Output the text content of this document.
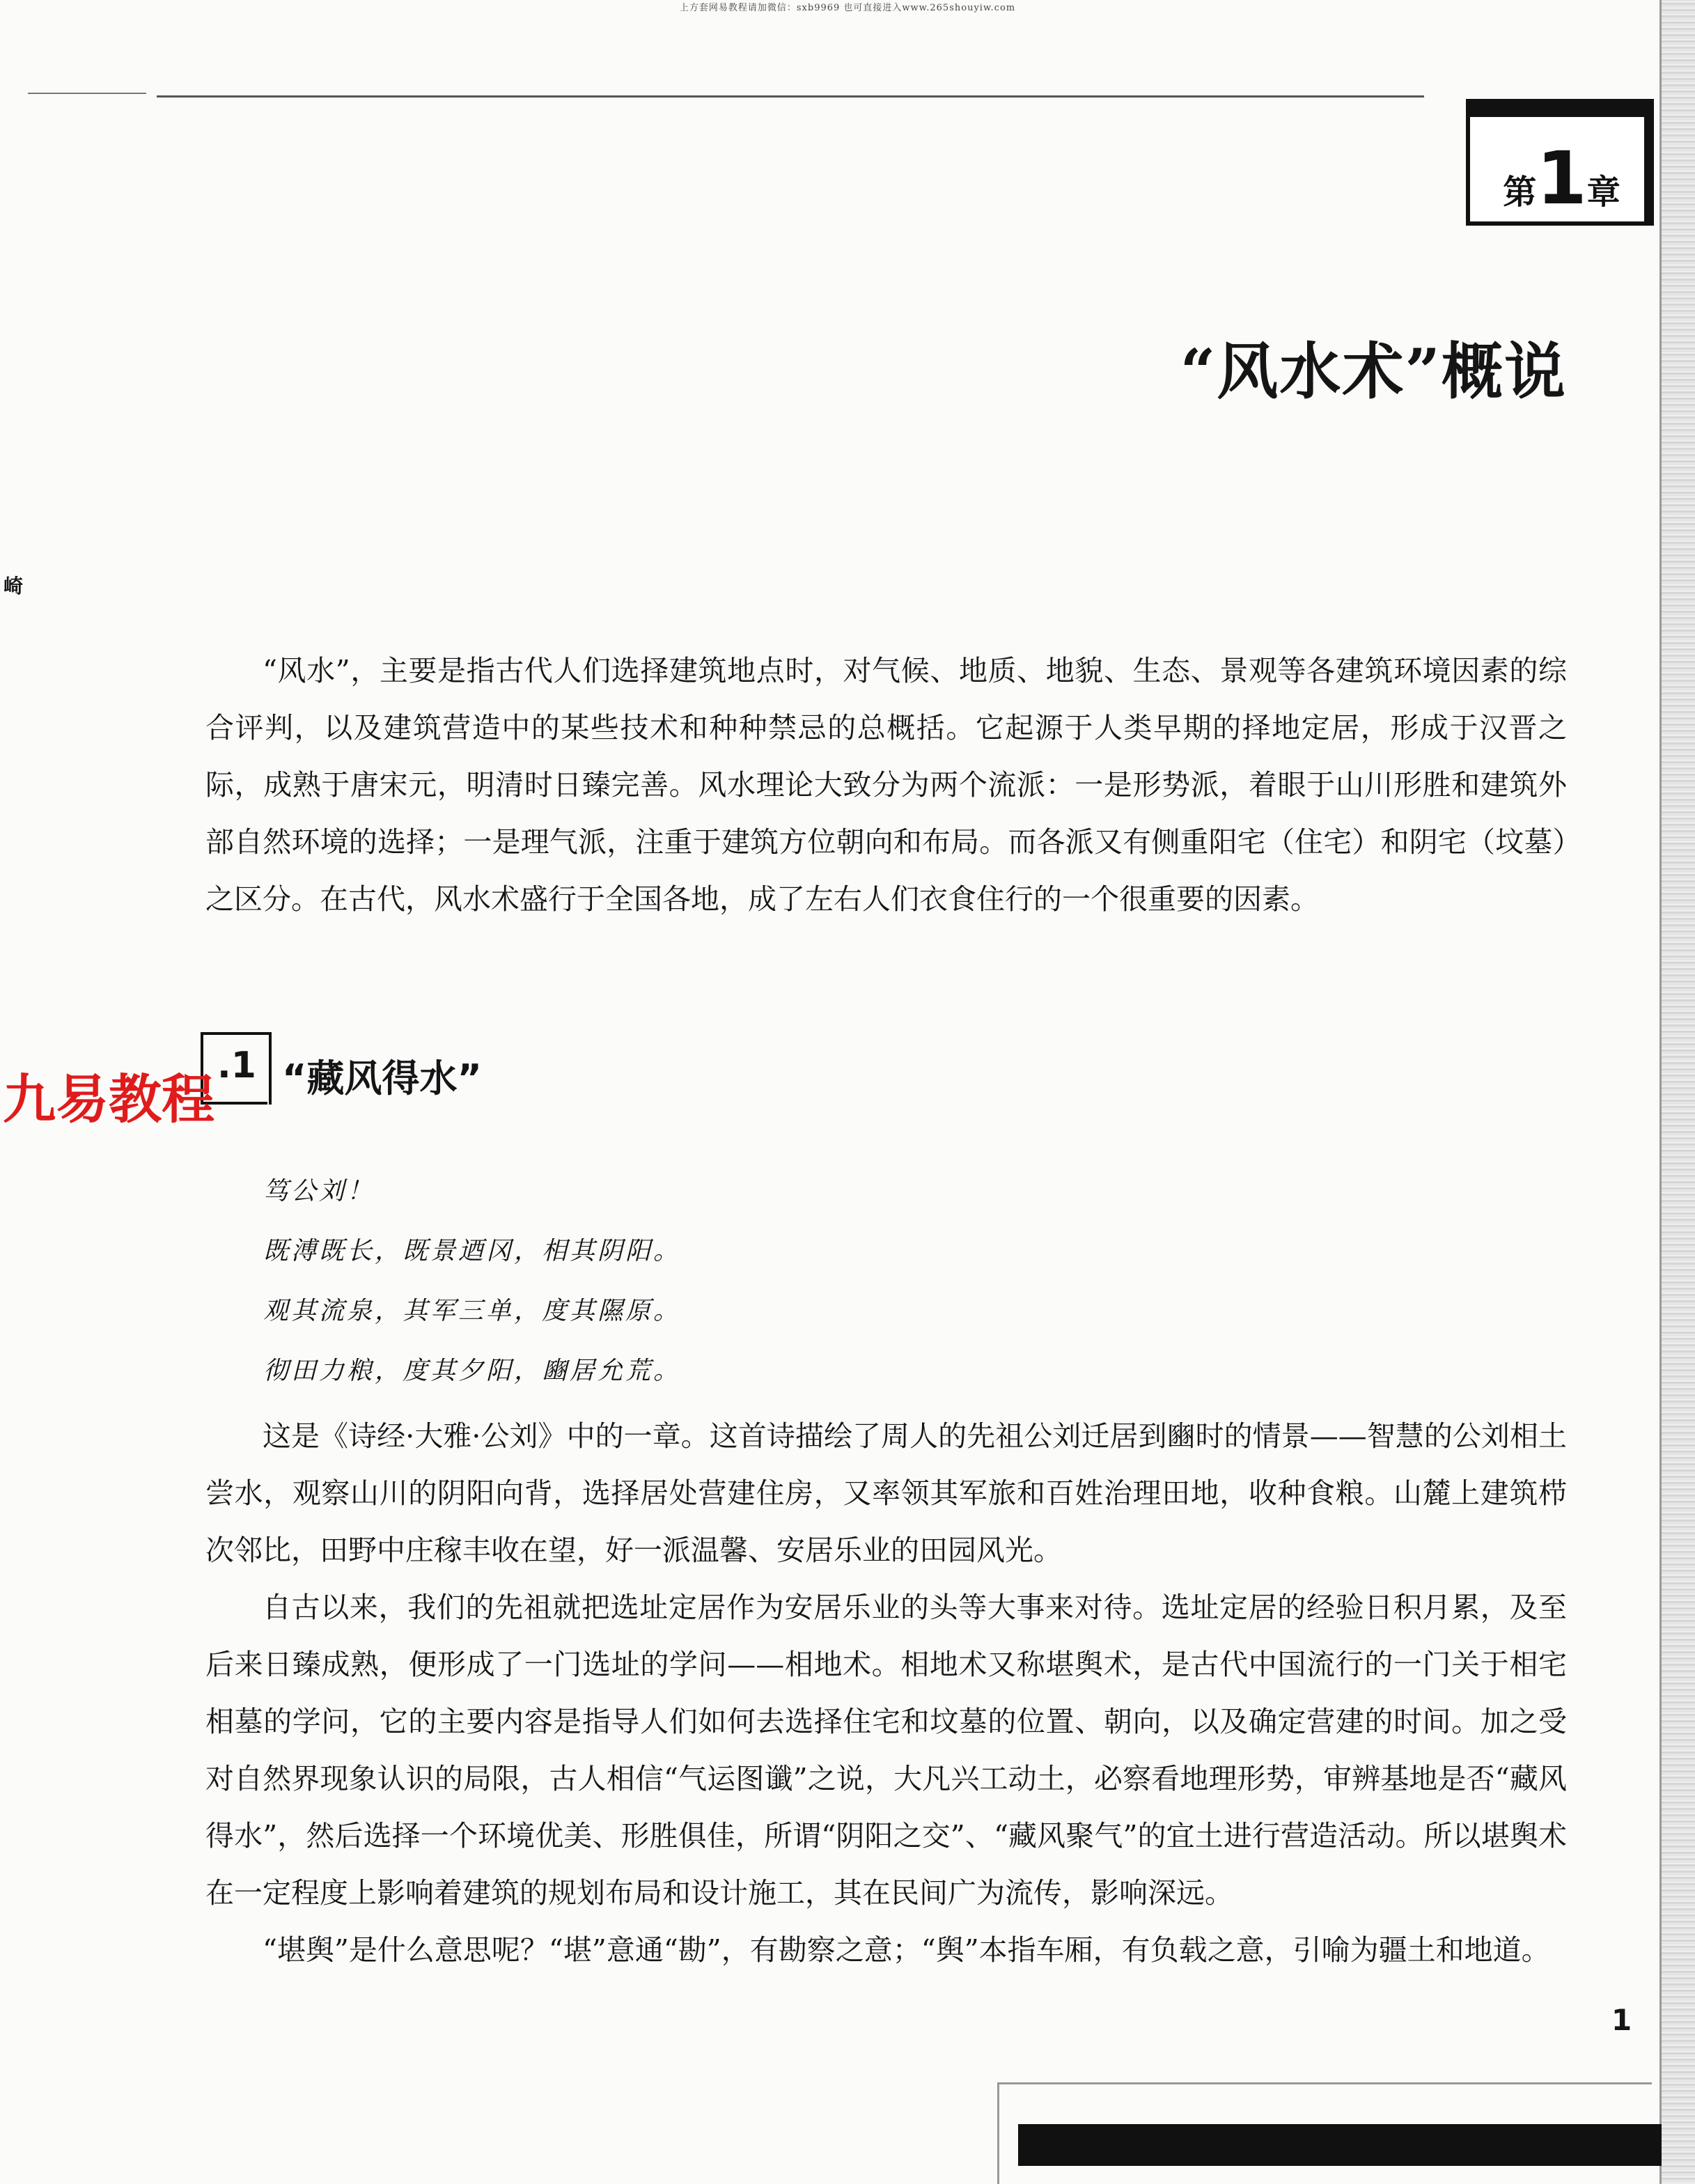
上方套网易教程请加微信：sxb9969 也可直接进入www.265shouyiw.com
第1章
“风水术”概说
崎

“风水”，主要是指古代人们选择建筑地点时，对气候、地质、地貌、生态、景观等各建筑环境因素的综合评判，以及建筑营造中的某些技术和种种禁忌的总概括。它起源于人类早期的择地定居，形成于汉晋之际，成熟于唐宋元，明清时日臻完善。风水理论大致分为两个流派：一是形势派，着眼于山川形胜和建筑外部自然环境的选择；一是理气派，注重于建筑方位朝向和布局。而各派又有侧重阳宅（住宅）和阴宅（坟墓）之区分。在古代，风水术盛行于全国各地，成了左右人们衣食住行的一个很重要的因素。

.1 “藏风得水”
九易教程
笃公刘！
既溥既长，既景迺冈，相其阴阳。
观其流泉，其军三单，度其隰原。
彻田力粮，度其夕阳，豳居允荒。

这是《诗经·大雅·公刘》中的一章。这首诗描绘了周人的先祖公刘迁居到豳时的情景——智慧的公刘相土尝水，观察山川的阴阳向背，选择居处营建住房，又率领其军旅和百姓治理田地，收种食粮。山麓上建筑栉次邻比，田野中庄稼丰收在望，好一派温馨、安居乐业的田园风光。

自古以来，我们的先祖就把选址定居作为安居乐业的头等大事来对待。选址定居的经验日积月累，及至后来日臻成熟，便形成了一门选址的学问——相地术。相地术又称堪舆术，是古代中国流行的一门关于相宅相墓的学问，它的主要内容是指导人们如何去选择住宅和坟墓的位置、朝向，以及确定营建的时间。加之受对自然界现象认识的局限，古人相信“气运图谶”之说，大凡兴工动土，必察看地理形势，审辨基地是否“藏风得水”，然后选择一个环境优美、形胜俱佳，所谓“阴阳之交”、“藏风聚气”的宜土进行营造活动。所以堪舆术在一定程度上影响着建筑的规划布局和设计施工，其在民间广为流传，影响深远。

“堪舆”是什么意思呢？“堪”意通“勘”，有勘察之意；“舆”本指车厢，有负载之意，引喻为疆土和地道。

1
